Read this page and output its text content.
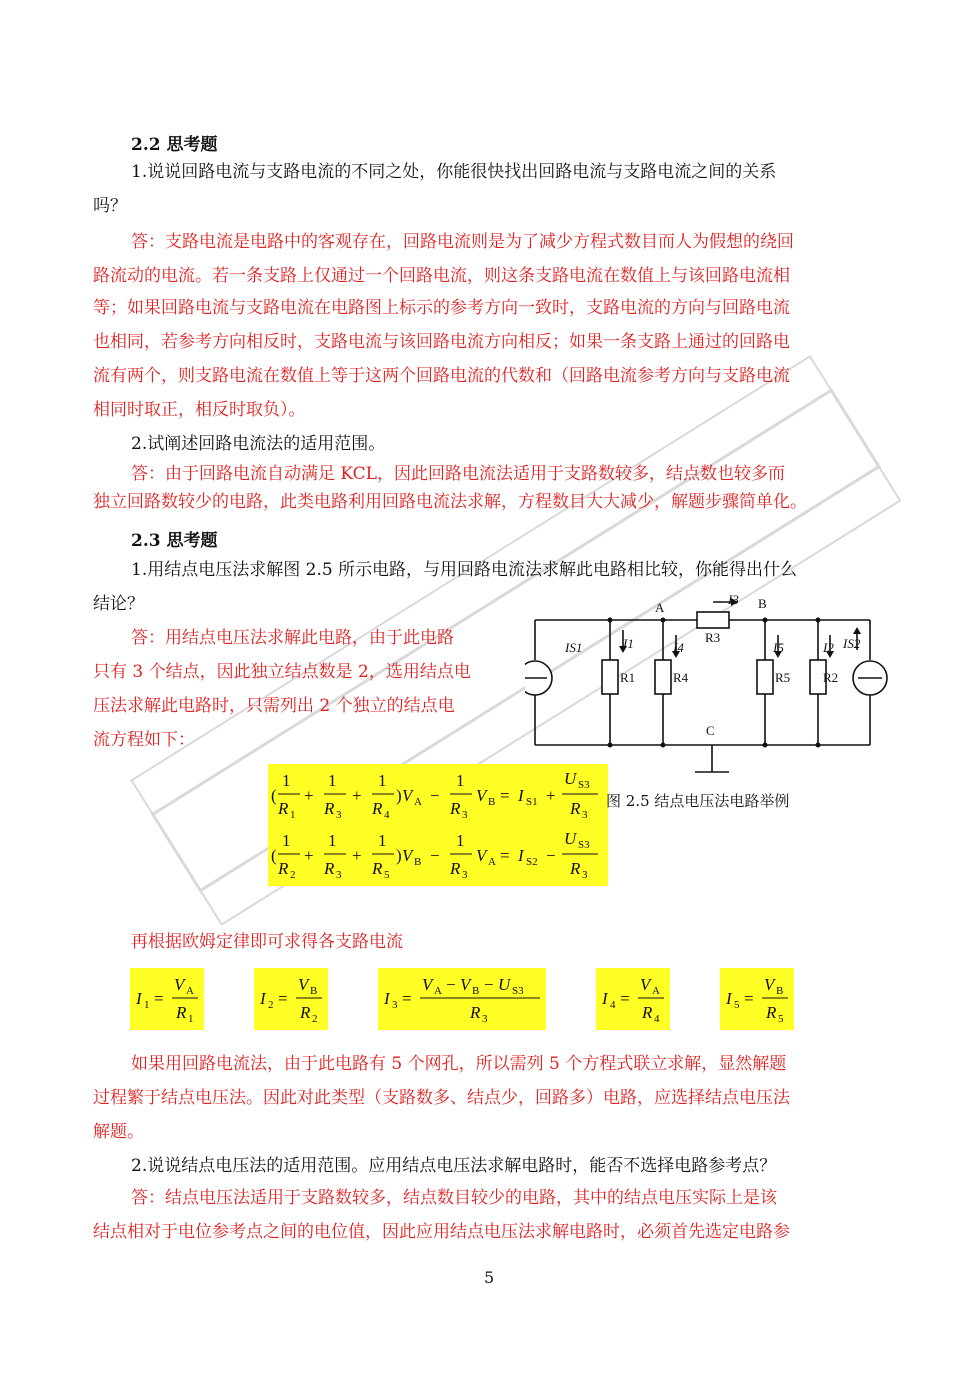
2.2 思考题
1.说说回路电流与支路电流的不同之处，你能很快找出回路电流与支路电流之间的关系
吗？
答：支路电流是电路中的客观存在，回路电流则是为了减少方程式数目而人为假想的绕回
路流动的电流。若一条支路上仅通过一个回路电流，则这条支路电流在数值上与该回路电流相
等；如果回路电流与支路电流在电路图上标示的参考方向一致时，支路电流的方向与回路电流
也相同，若参考方向相反时，支路电流与该回路电流方向相反；如果一条支路上通过的回路电
流有两个，则支路电流在数值上等于这两个回路电流的代数和（回路电流参考方向与支路电流
相同时取正，相反时取负）。
2.试阐述回路电流法的适用范围。
答：由于回路电流自动满足 KCL，因此回路电流法适用于支路数较多，结点数也较多而
独立回路数较少的电路，此类电路利用回路电流法求解，方程数目大大减少，解题步骤简单化。
2.3 思考题
1.用结点电压法求解图 2.5 所示电路，与用回路电流法求解此电路相比较，你能得出什么
结论？
答：用结点电压法求解此电路，由于此电路
只有 3 个结点，因此独立结点数是 2，选用结点电
压法求解此电路时，只需列出 2 个独立的结点电
流方程如下：
A	B
C
I3
R3
IS1	I1
R1
I4
R4
I5
R5
I2
R2
IS2
(
1
R 1
+
1
R 3
+
1
R 4
) V A −
1
R 3
V B = I S1 +
U S3
R 3
(
1
R 2
+
1
R 3
+
1
R 5
) V B −
1
R 3
V A = I S2 −
U S3
R 3
图 2.5 结点电压法电路举例
再根据欧姆定律即可求得各支路电流
I 1 =
V A
R 1
I 2 =
V B
R 2
I 3 =
V A − V B − U S3
R 3
I 4 =
V A
R 4
I 5 =
V B
R 5
如果用回路电流法，由于此电路有 5 个网孔，所以需列 5 个方程式联立求解，显然解题
过程繁于结点电压法。因此对此类型（支路数多、结点少，回路多）电路，应选择结点电压法
解题。
2.说说结点电压法的适用范围。应用结点电压法求解电路时，能否不选择电路参考点？
答：结点电压法适用于支路数较多，结点数目较少的电路，其中的结点电压实际上是该
结点相对于电位参考点之间的电位值，因此应用结点电压法求解电路时，必须首先选定电路参
5
